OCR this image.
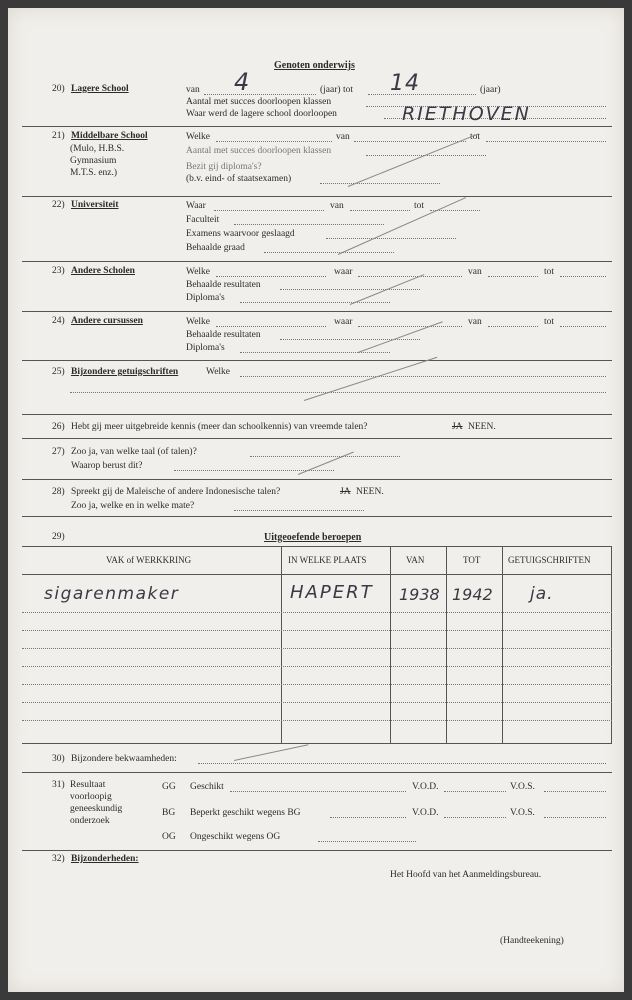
Genoten onderwijs
20) Lagere School	van 4	(jaar) tot 14	(jaar)
Aantal met succes doorloopen klassen
Waar werd de lagere school doorloopen	RIETHOVEN
21) Middelbare School
(Mulo, H.B.S.
Gymnasium
M.T.S. enz.)
Welke	van	tot
Aantal met succes doorloopen klassen
Bezit gij diploma's?
(b.v. eind- of staatsexamen)
22) Universiteit	Waar	van	tot
Faculteit
Examens waarvoor geslaagd
Behaalde graad
23) Andere Scholen	Welke	waar	van	tot
Behaalde resultaten
Diploma's
24) Andere cursussen	Welke	waar	van	tot
Behaalde resultaten
Diploma's
25) Bijzondere getuigschriften	Welke
26) Hebt gij meer uitgebreide kennis (meer dan schoolkennis) van vreemde talen?	JA NEEN.
27) Zoo ja, van welke taal (of talen)?
Waarop berust dit?
28) Spreekt gij de Maleische of andere Indonesische talen?	JA NEEN.
Zoo ja, welke en in welke mate?
29)	Uitgeoefende beroepen
VAK of WERKKRING	IN WELKE PLAATS	VAN	TOT	GETUIGSCHRIFTEN
sigarenmaker	HAPERT 1938 1942 ja.
30) Bijzondere bekwaamheden:
31) Resultaat
voorloopig
geneeskundig
onderzoek
GG Geschikt	V.O.D.	V.O.S.
BG Beperkt geschikt wegens BG	V.O.D.	V.O.S.
OG Ongeschikt wegens OG
32) Bijzonderheden:
Het Hoofd van het Aanmeldingsbureau.
(Handteekening)
